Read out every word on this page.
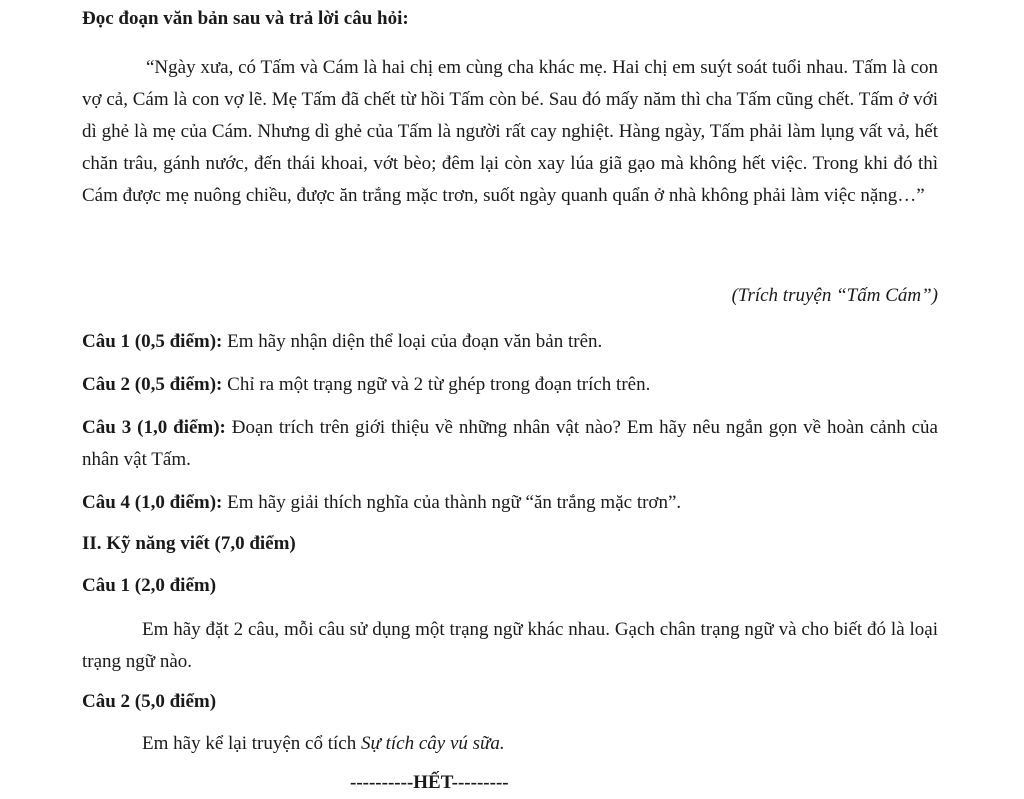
Đọc đoạn văn bản sau và trả lời câu hỏi:

“Ngày xưa, có Tấm và Cám là hai chị em cùng cha khác mẹ. Hai chị em suýt soát tuổi nhau. Tấm là con vợ cả, Cám là con vợ lẽ. Mẹ Tấm đã chết từ hồi Tấm còn bé. Sau đó mấy năm thì cha Tấm cũng chết. Tấm ở với dì ghẻ là mẹ của Cám. Nhưng dì ghẻ của Tấm là người rất cay nghiệt. Hàng ngày, Tấm phải làm lụng vất vả, hết chăn trâu, gánh nước, đến thái khoai, vớt bèo; đêm lại còn xay lúa giã gạo mà không hết việc. Trong khi đó thì Cám được mẹ nuông chiều, được ăn trắng mặc trơn, suốt ngày quanh quẩn ở nhà không phải làm việc nặng…”

(Trích truyện “Tấm Cám”)

Câu 1 (0,5 điểm): Em hãy nhận diện thể loại của đoạn văn bản trên.

Câu 2 (0,5 điểm): Chỉ ra một trạng ngữ và 2 từ ghép trong đoạn trích trên.

Câu 3 (1,0 điểm): Đoạn trích trên giới thiệu về những nhân vật nào? Em hãy nêu ngắn gọn về hoàn cảnh của nhân vật Tấm.

Câu 4 (1,0 điểm): Em hãy giải thích nghĩa của thành ngữ “ăn trắng mặc trơn”.

II. Kỹ năng viết (7,0 điểm)

Câu 1 (2,0 điểm)

Em hãy đặt 2 câu, mỗi câu sử dụng một trạng ngữ khác nhau. Gạch chân trạng ngữ và cho biết đó là loại trạng ngữ nào.

Câu 2 (5,0 điểm)

Em hãy kể lại truyện cổ tích Sự tích cây vú sữa.

----------HẾT---------
